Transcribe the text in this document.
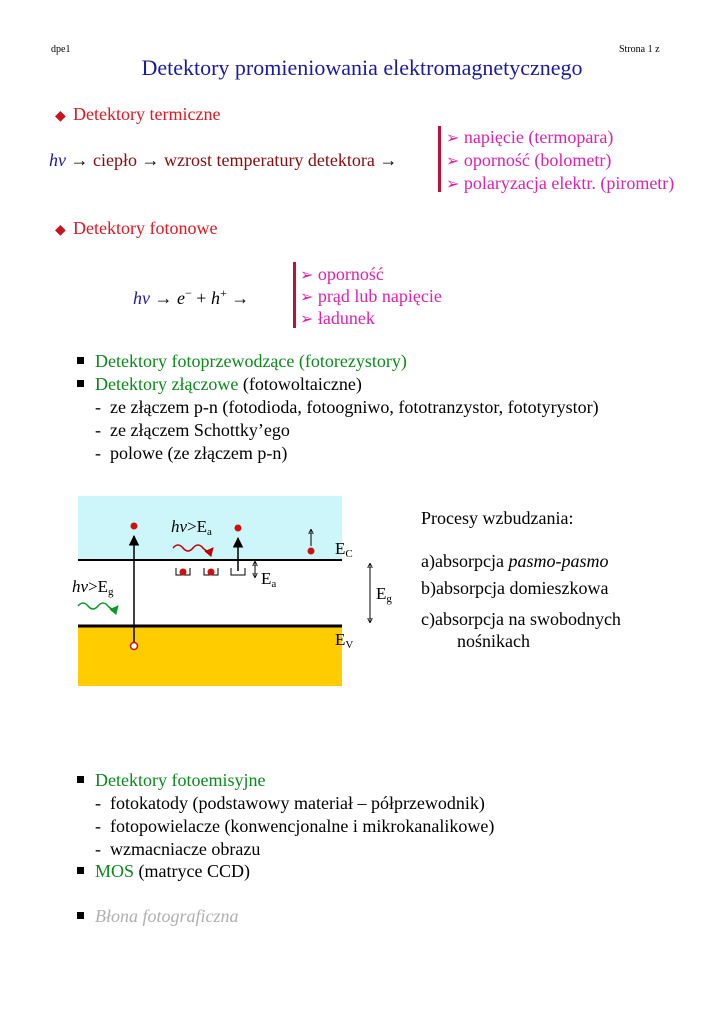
dpe1	Strona 1 z
Detektory promieniowania elektromagnetycznego
◆ Detektory termiczne
hν → ciepło → wzrost temperatury detektora →
➢ napięcie (termopara)
➢ oporność (bolometr)
➢ polaryzacja elektr. (pirometr)
◆ Detektory fotonowe
hν → e− + h+ →
➢ oporność
➢ prąd lub napięcie
➢ ładunek
Detektory fotoprzewodzące (fotorezystory)
Detektory złączowe (fotowoltaiczne)
-  ze złączem p-n (fotodioda, fotoogniwo, fototranzystor, fototyrystor)
-  ze złączem Schottky’ego
-  polowe (ze złączem p-n)
hν>Ea
hν>Eg
EC
EV
Ea	Eg
Procesy wzbudzania:
a)absorpcja pasmo-pasmo
b)absorpcja domieszkowa
c)absorpcja na swobodnych
nośnikach
Detektory fotoemisyjne
-  fotokatody (podstawowy materiał – półprzewodnik)
-  fotopowielacze (konwencjonalne i mikrokanalikowe)
-  wzmacniacze obrazu
MOS (matryce CCD)
Błona fotograficzna
